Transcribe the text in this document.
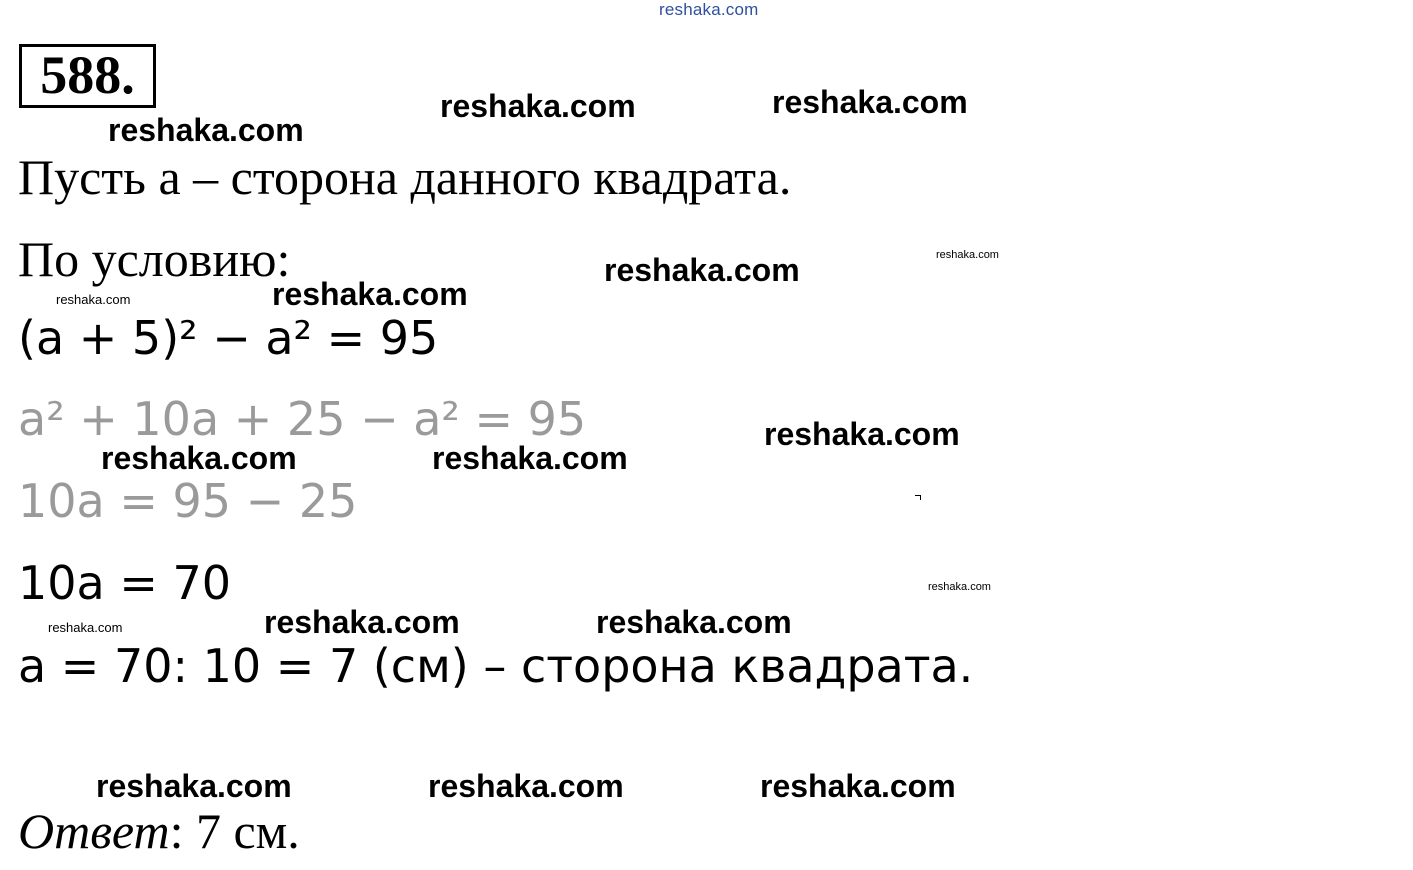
reshaka.com
588.
reshaka.com	reshaka.com
reshaka.com
reshaka.com
reshaka.com
reshaka.com
reshaka.com	reshaka.com
reshaka.com	reshaka.com
reshaka.com	reshaka.com	reshaka.com
reshaka.com
reshaka.com
reshaka.com
reshaka.com
Пусть a – сторона данного квадрата.
По условию:
(a + 5)² − a² = 95
a² + 10a + 25 − a² = 95
10a = 95 − 25
10a = 70
a = 70: 10 = 7 (см) – сторона квадрата.
Ответ: 7 см.
